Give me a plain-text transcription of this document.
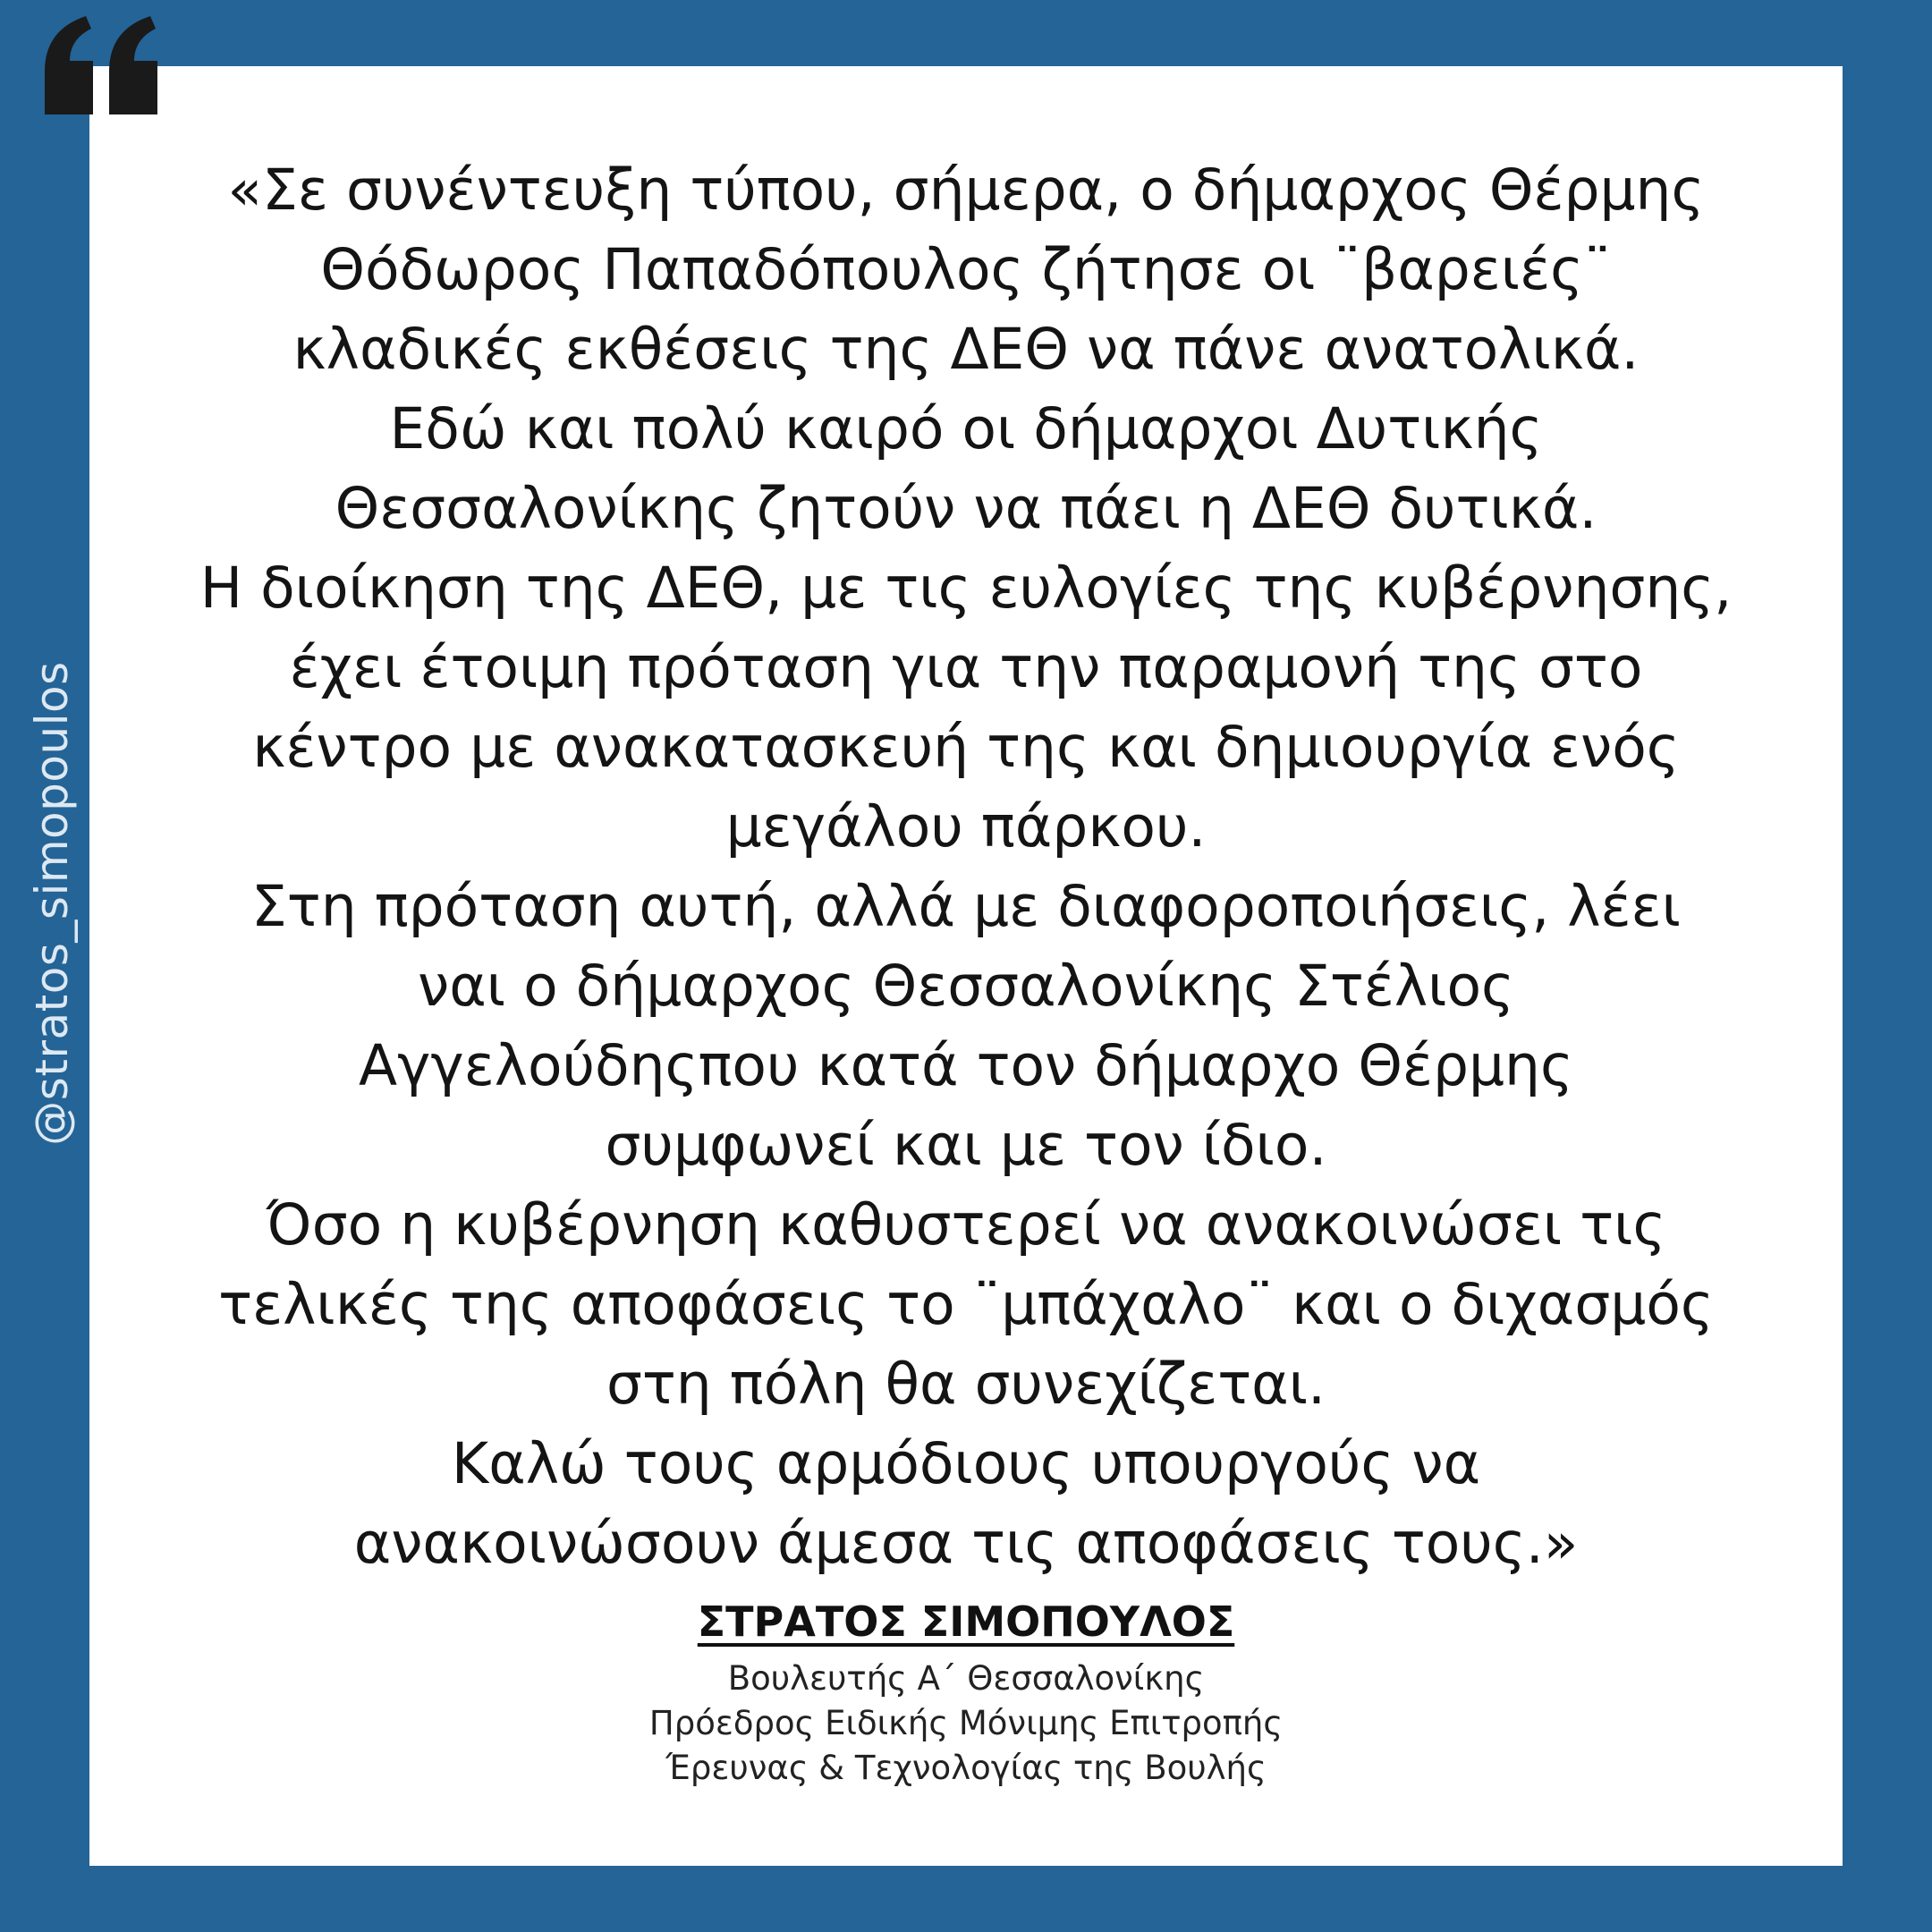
@stratos_simopoulos
«Σε συνέντευξη τύπου, σήμερα, ο δήμαρχος Θέρμης
Θόδωρος Παπαδόπουλος ζήτησε οι ¨βαρειές¨
κλαδικές εκθέσεις της ΔΕΘ να πάνε ανατολικά.
Εδώ και πολύ καιρό οι δήμαρχοι Δυτικής
Θεσσαλονίκης ζητούν να πάει η ΔΕΘ δυτικά.
Η διοίκηση της ΔΕΘ, με τις ευλογίες της κυβέρνησης,
έχει έτοιμη πρόταση για την παραμονή της στο
κέντρο με ανακατασκευή της και δημιουργία ενός
μεγάλου πάρκου.
Στη πρόταση αυτή, αλλά με διαφοροποιήσεις, λέει
ναι ο δήμαρχος Θεσσαλονίκης Στέλιος
Αγγελούδηςπου κατά τον δήμαρχο Θέρμης
συμφωνεί και με τον ίδιο.
Όσο η κυβέρνηση καθυστερεί να ανακοινώσει τις
τελικές της αποφάσεις το ¨μπάχαλο¨ και ο διχασμός
στη πόλη θα συνεχίζεται.
Καλώ τους αρμόδιους υπουργούς να
ανακοινώσουν άμεσα τις αποφάσεις τους.»
ΣΤΡΑΤΟΣ ΣΙΜΟΠΟΥΛΟΣ
Βουλευτής Α΄ Θεσσαλονίκης
Πρόεδρος Ειδικής Μόνιμης Επιτροπής
Έρευνας & Τεχνολογίας της Βουλής
